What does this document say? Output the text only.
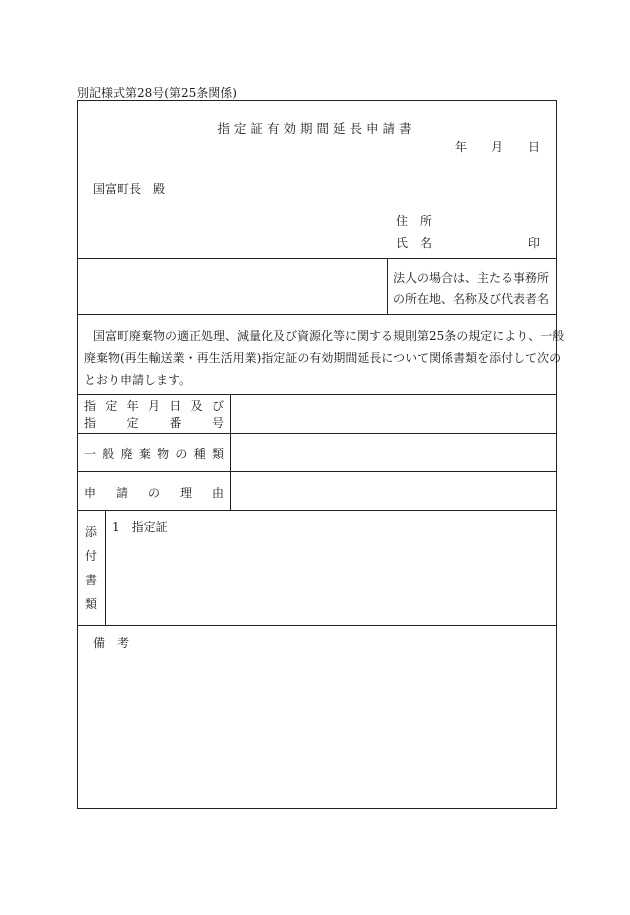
別記様式第28号(第25条関係)
指定証有効期間延長申請書
年 月 日
国富町長　殿
住　所
氏　名	印
法人の場合は、主たる事務所
の所在地、名称及び代表者名
国富町廃棄物の適正処理、減量化及び資源化等に関する規則第25条の規定により、一般
廃棄物(再生輸送業・再生活用業)指定証の有効期間延長について関係書類を添付して次の
とおり申請します。
指 定 年 月 日 及 び
指	定	番	号
一 般 廃 棄 物 の 種 類
申 請 の 理 由
添
付
書
類
1　指定証
備　考
